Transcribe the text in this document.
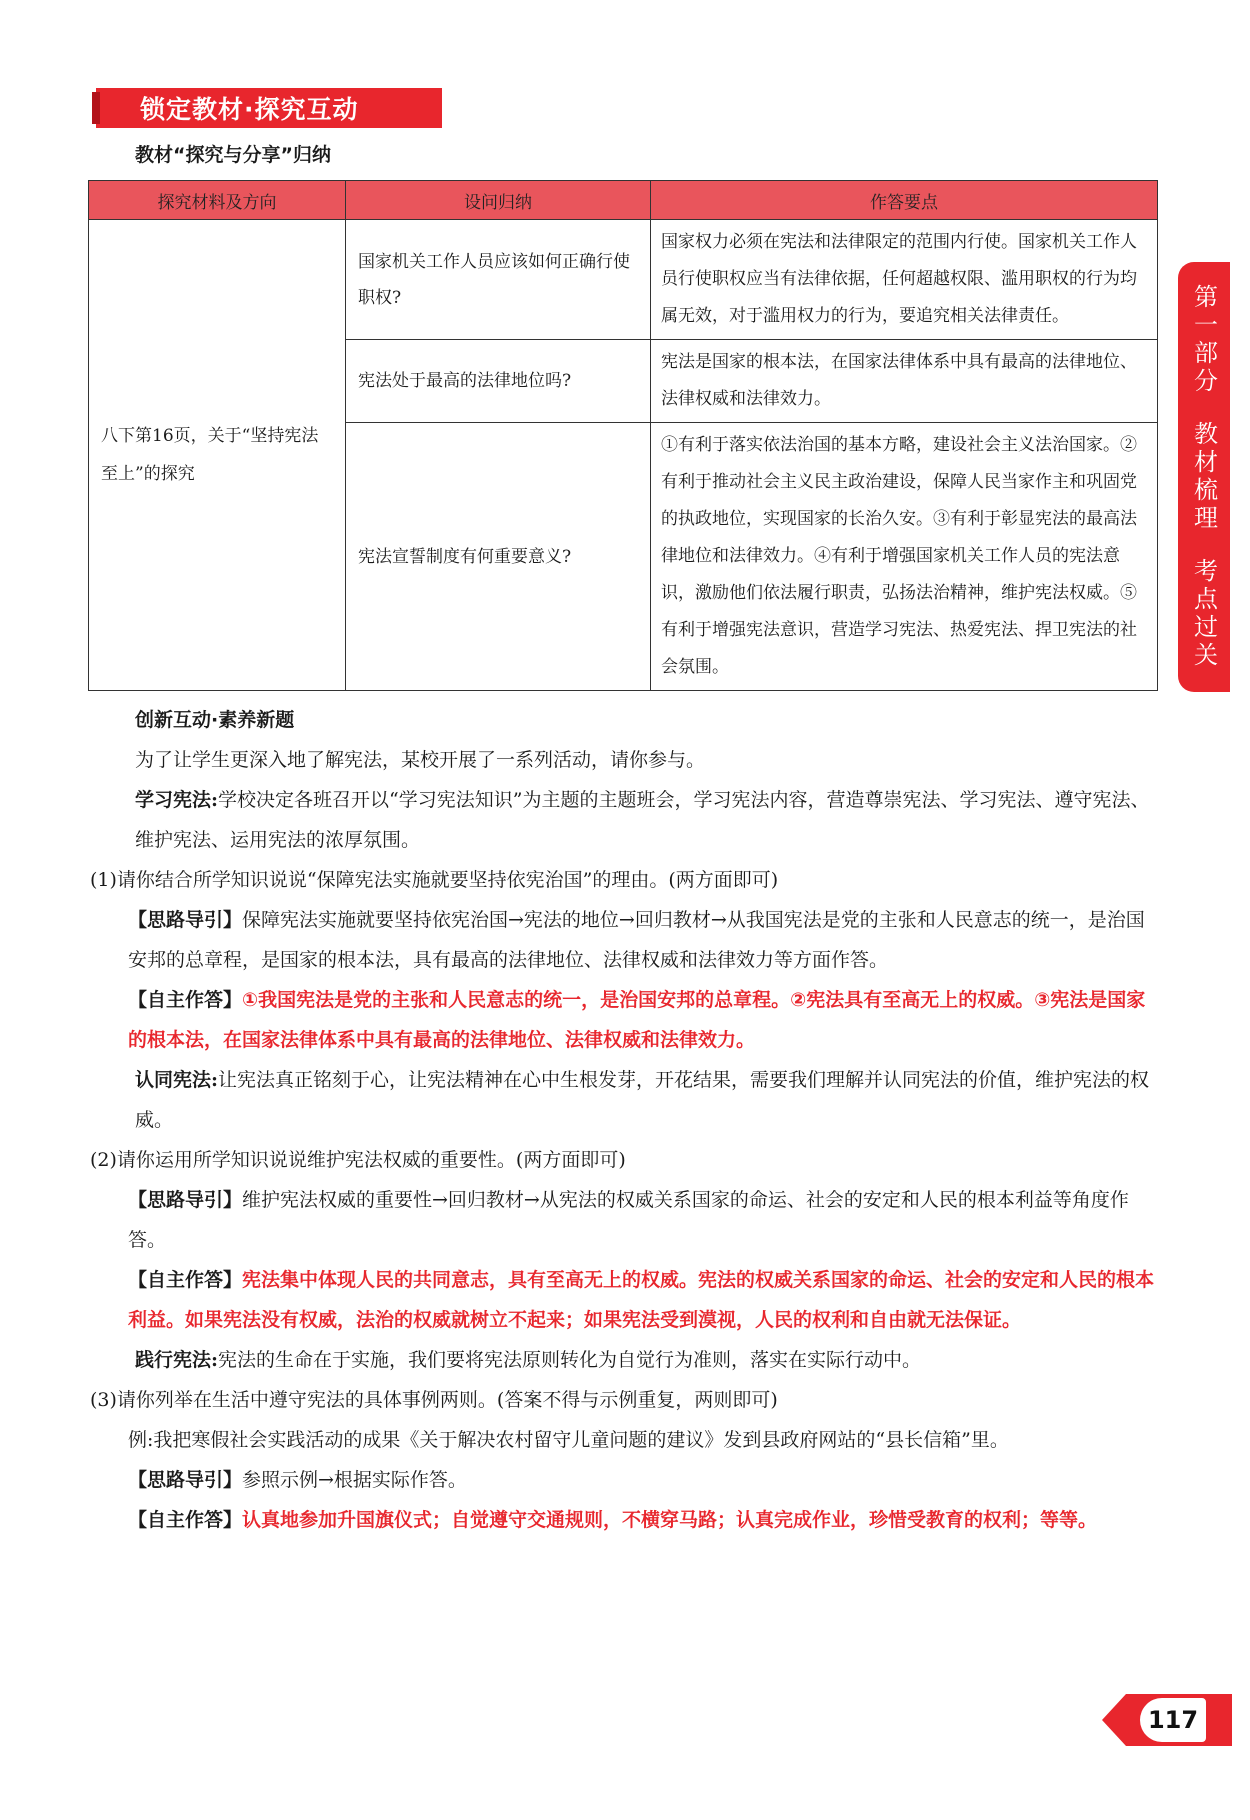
锁定教材·探究互动
教材“探究与分享”归纳
探究材料及方向	设问归纳	作答要点
八下第16页，关于“坚持宪法至上”的探究	国家机关工作人员应该如何正确行使职权?	国家权力必须在宪法和法律限定的范围内行使。国家机关工作人员行使职权应当有法律依据，任何超越权限、滥用职权的行为均属无效，对于滥用权力的行为，要追究相关法律责任。
	宪法处于最高的法律地位吗?	宪法是国家的根本法，在国家法律体系中具有最高的法律地位、法律权威和法律效力。
	宪法宣誓制度有何重要意义?	①有利于落实依法治国的基本方略，建设社会主义法治国家。②有利于推动社会主义民主政治建设，保障人民当家作主和巩固党的执政地位，实现国家的长治久安。③有利于彰显宪法的最高法律地位和法律效力。④有利于增强国家机关工作人员的宪法意识，激励他们依法履行职责，弘扬法治精神，维护宪法权威。⑤有利于增强宪法意识，营造学习宪法、热爱宪法、捍卫宪法的社会氛围。
第一部分
教材梳理
考点过关

创新互动·素养新题

为了让学生更深入地了解宪法，某校开展了一系列活动，请你参与。

学习宪法:学校决定各班召开以“学习宪法知识”为主题的主题班会，学习宪法内容，营造尊崇宪法、学习宪法、遵守宪法、维护宪法、运用宪法的浓厚氛围。

(1)请你结合所学知识说说“保障宪法实施就要坚持依宪治国”的理由。(两方面即可)

【思路导引】保障宪法实施就要坚持依宪治国→宪法的地位→回归教材→从我国宪法是党的主张和人民意志的统一，是治国安邦的总章程，是国家的根本法，具有最高的法律地位、法律权威和法律效力等方面作答。

【自主作答】①我国宪法是党的主张和人民意志的统一，是治国安邦的总章程。②宪法具有至高无上的权威。③宪法是国家的根本法，在国家法律体系中具有最高的法律地位、法律权威和法律效力。

认同宪法:让宪法真正铭刻于心，让宪法精神在心中生根发芽，开花结果，需要我们理解并认同宪法的价值，维护宪法的权威。

(2)请你运用所学知识说说维护宪法权威的重要性。(两方面即可)

【思路导引】维护宪法权威的重要性→回归教材→从宪法的权威关系国家的命运、社会的安定和人民的根本利益等角度作答。

【自主作答】宪法集中体现人民的共同意志，具有至高无上的权威。宪法的权威关系国家的命运、社会的安定和人民的根本利益。如果宪法没有权威，法治的权威就树立不起来；如果宪法受到漠视，人民的权利和自由就无法保证。

践行宪法:宪法的生命在于实施，我们要将宪法原则转化为自觉行为准则，落实在实际行动中。

(3)请你列举在生活中遵守宪法的具体事例两则。(答案不得与示例重复，两则即可)

例:我把寒假社会实践活动的成果《关于解决农村留守儿童问题的建议》发到县政府网站的“县长信箱”里。

【思路导引】参照示例→根据实际作答。

【自主作答】认真地参加升国旗仪式；自觉遵守交通规则，不横穿马路；认真完成作业，珍惜受教育的权利；等等。

117
